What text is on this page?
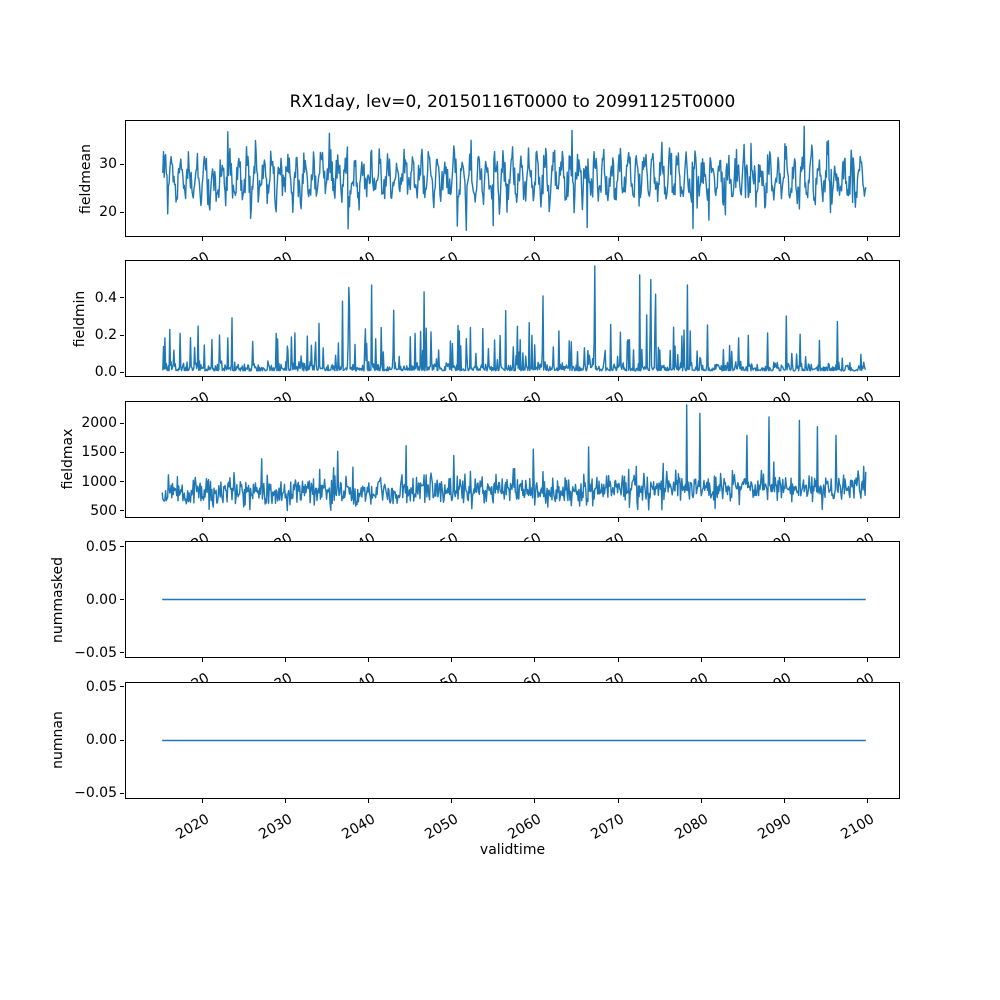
RX1day, lev=0, 20150116T0000 to 20991125T0000
20
30
fieldmean
0.0
0.2
0.4
fieldmin
500
1000
1500
2000
fieldmax
−0.05
0.00
0.05
nummasked
2020	2030	2040	2050	2060	2070	2080	2090	2100
−0.05
0.00
0.05
numnan
validtime
